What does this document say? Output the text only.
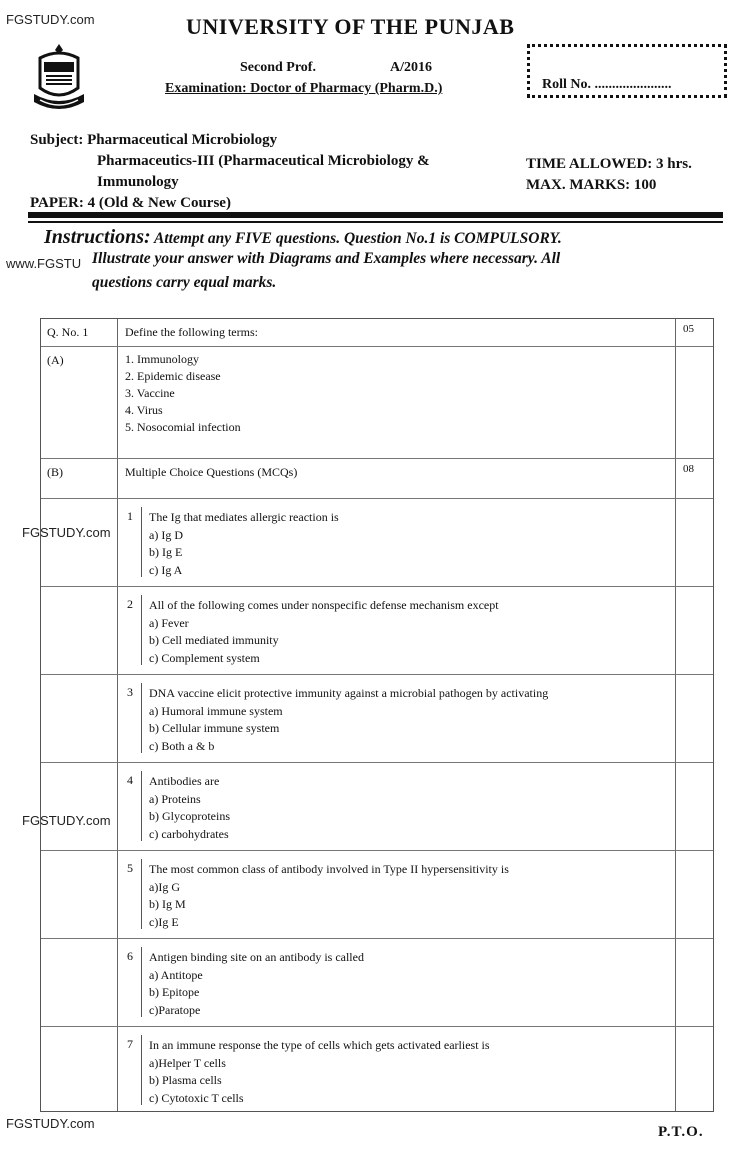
FGSTUDY.com
www.FGSTU
FGSTUDY.com
FGSTUDY.com
FGSTUDY.com
UNIVERSITY OF THE PUNJAB
Second Prof.	A/2016
Examination: Doctor of Pharmacy (Pharm.D.)	Roll No. ......................
Subject: Pharmaceutical Microbiology
Pharmaceutics-III (Pharmaceutical Microbiology &
Immunology
PAPER: 4 (Old & New Course)
TIME ALLOWED: 3 hrs.
MAX. MARKS: 100
Instructions: Attempt any FIVE questions. Question No.1 is COMPULSORY.
Illustrate your answer with Diagrams and Examples where necessary. All
questions carry equal marks.
Q. No. 1	Define the following terms:	05
(A)	1. Immunology
2. Epidemic disease
3. Vaccine
4. Virus
5. Nosocomial infection
(B)	Multiple Choice Questions (MCQs)	08
1 The Ig that mediates allergic reaction is
a) Ig D
b) Ig E
c) Ig A
2 All of the following comes under nonspecific defense mechanism except
a) Fever
b) Cell mediated immunity
c) Complement system
3 DNA vaccine elicit protective immunity against a microbial pathogen by activating
a) Humoral immune system
b) Cellular immune system
c) Both a & b
4 Antibodies are
a) Proteins
b) Glycoproteins
c) carbohydrates
5 The most common class of antibody involved in Type II hypersensitivity is
a)Ig G
b) Ig M
c)Ig E
6 Antigen binding site on an antibody is called
a) Antitope
b) Epitope
c)Paratope
7 In an immune response the type of cells which gets activated earliest is
a)Helper T cells
b) Plasma cells
c) Cytotoxic T cells
P.T.O.
